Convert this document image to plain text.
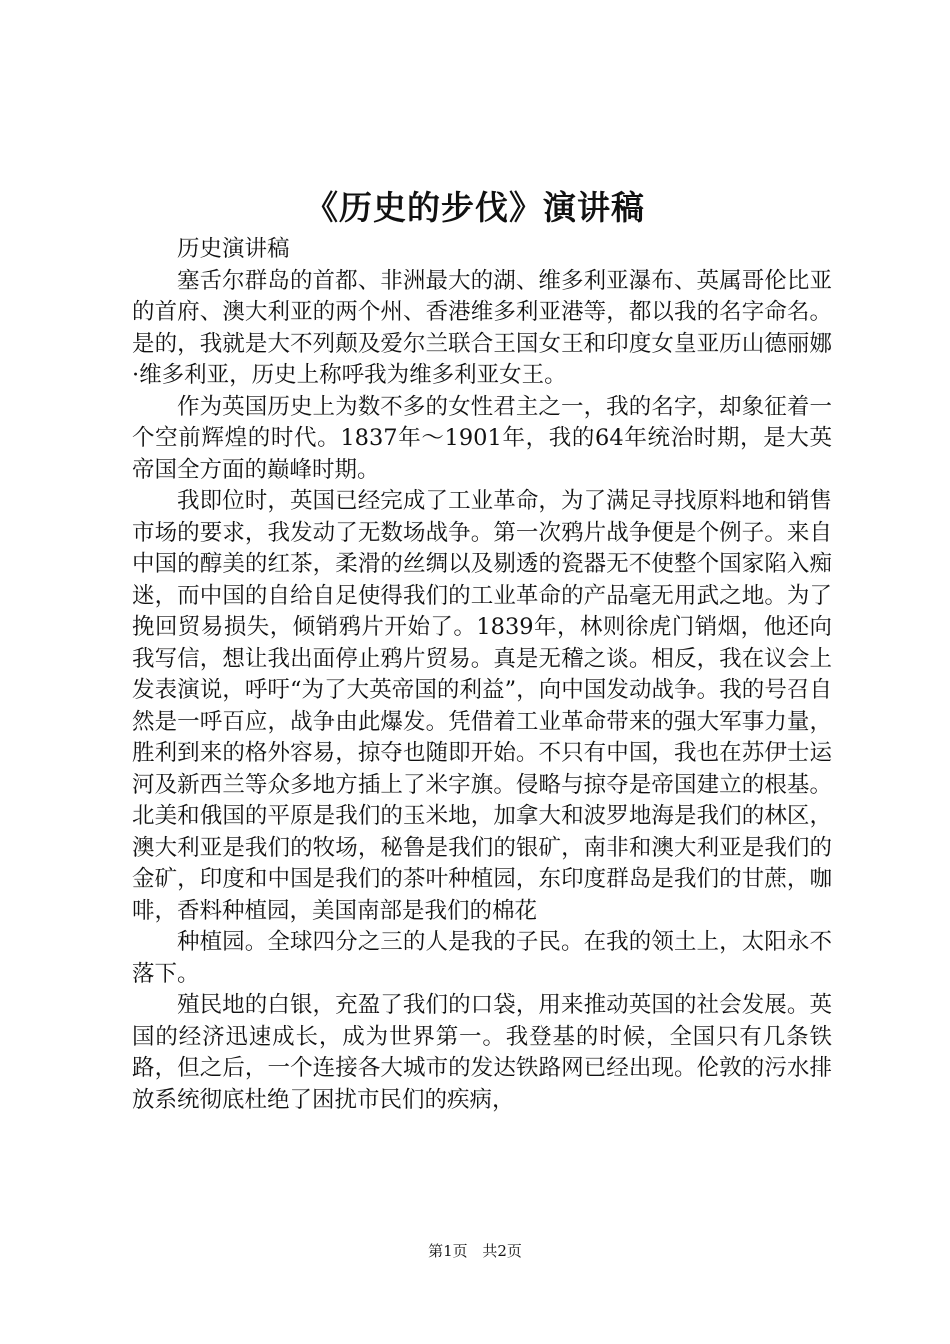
《历史的步伐》演讲稿

历史演讲稿

塞舌尔群岛的首都、非洲最大的湖、维多利亚瀑布、英属哥伦比亚的首府、澳大利亚的两个州、香港维多利亚港等，都以我的名字命名。是的，我就是大不列颠及爱尔兰联合王国女王和印度女皇亚历山德丽娜·维多利亚，历史上称呼我为维多利亚女王。

作为英国历史上为数不多的女性君主之一，我的名字，却象征着一个空前辉煌的时代。1837年～1901年，我的64年统治时期，是大英帝国全方面的巅峰时期。

我即位时，英国已经完成了工业革命，为了满足寻找原料地和销售市场的要求，我发动了无数场战争。第一次鸦片战争便是个例子。来自中国的醇美的红茶，柔滑的丝绸以及剔透的瓷器无不使整个国家陷入痴迷，而中国的自给自足使得我们的工业革命的产品毫无用武之地。为了挽回贸易损失，倾销鸦片开始了。1839年，林则徐虎门销烟，他还向我写信，想让我出面停止鸦片贸易。真是无稽之谈。相反，我在议会上发表演说，呼吁“为了大英帝国的利益”，向中国发动战争。我的号召自然是一呼百应，战争由此爆发。凭借着工业革命带来的强大军事力量，胜利到来的格外容易，掠夺也随即开始。不只有中国，我也在苏伊士运河及新西兰等众多地方插上了米字旗。侵略与掠夺是帝国建立的根基。北美和俄国的平原是我们的玉米地，加拿大和波罗地海是我们的林区，澳大利亚是我们的牧场，秘鲁是我们的银矿，南非和澳大利亚是我们的金矿，印度和中国是我们的茶叶种植园，东印度群岛是我们的甘蔗，咖啡，香料种植园，美国南部是我们的棉花

种植园。全球四分之三的人是我的子民。在我的领土上，太阳永不落下。

殖民地的白银，充盈了我们的口袋，用来推动英国的社会发展。英国的经济迅速成长，成为世界第一。我登基的时候，全国只有几条铁路，但之后，一个连接各大城市的发达铁路网已经出现。伦敦的污水排放系统彻底杜绝了困扰市民们的疾病，

第1页 共2页
